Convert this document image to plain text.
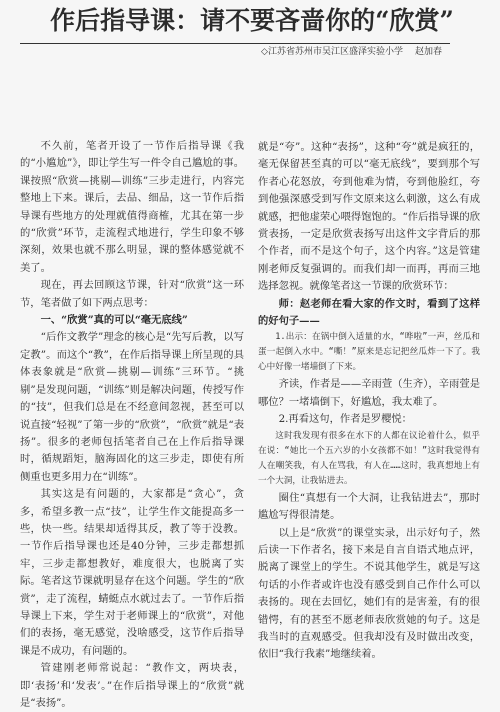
作后指导课：请不要吝啬你的“欣赏”
◇江苏省苏州市吴江区盛泽实验小学 赵加春

不久前，笔者开设了一节作后指导课《我的“小尴尬”》，即让学生写一件令自己尴尬的事。课按照“欣赏—挑剔—训练”三步走进行，内容完整地上下来。课后，去品、细品，这一节作后指导课有些地方的处理就值得商榷，尤其在第一步的“欣赏”环节，走流程式地进行，学生印象不够深刻，效果也就不那么明显，课的整体感觉就不美了。

现在，再去回顾这节课，针对“欣赏”这一环节，笔者做了如下两点思考：

一、“欣赏”真的可以“毫无底线”

“后作文教学”理念的核心是“先写后教，以写定教”。而这个“教”，在作后指导课上所呈现的具体表象就是“欣赏—挑剔—训练”三环节。“挑剔”是发现问题，“训练”则是解决问题，传授写作的“技”，但我们总是在不经意间忽视，甚至可以说直接“轻视”了第一步的“欣赏”，“欣赏”就是“表扬”。很多的老师包括笔者自己在上作后指导课时，循规蹈矩，脑海固化的这三步走，即使有所侧重也更多用力在“训练”。

其实这是有问题的，大家都是“贪心”，贪多，希望多教一点“技”，让学生作文能提高多一些，快一些。结果却适得其反，教了等于没教。一节作后指导课也还是40分钟，三步走都想抓牢，三步走都想教好，难度很大，也脱离了实际。笔者这节课就明显存在这个问题。学生的“欣赏”，走了流程，蜻蜓点水就过去了。一节作后指导课上下来，学生对于老师课上的“欣赏”，对他们的表扬，毫无感觉，没啥感受，这节作后指导课是不成功，有问题的。

管建刚老师常说起：“教作文，两块表，即‘表扬’和‘发表’。”在作后指导课上的“欣赏”就是“表扬”。

就是“夸”。这种“表扬”，这种“夸”就是疯狂的，毫无保留甚至真的可以“毫无底线”，要到那个写作者心花怒放，夸到他难为情，夸到他脸红，夸到他强深感受到写作文原来这么刺激，这么有成就感，把他虚荣心喂得饱饱的。“作后指导课的欣赏表扬，一定是欣赏表扬写出这件文字背后的那个作者，而不是这个句子，这个内容。”这是管建刚老师反复强调的。而我们却一而再，再而三地选择忽视。就像笔者这一节课的欣赏环节：

师：赵老师在看大家的作文时，看到了这样的好句子——

1.出示：在锅中倒入适量的水，“哗啦”一声，丝瓜和蛋一起倒入水中。“嘶！”原来是忘记把丝瓜炸一下了。我心中好像一堵墙倒了下来。

齐读，作者是——辛雨萱（生齐），辛雨萱是哪位？一堵墙倒下，好尴尬，我太难了。

2.再看这句，作者是罗樱悦：

这时我发现有很多在水下的人都在议论着什么，似乎在说：“她比一个五六岁的小女孩都不如！”这时我觉得有人在嘲笑我，有人在骂我，有人在……这时，我真想地上有一个大洞，让我钻进去。

圈住“真想有一个大洞，让我钻进去”，那时尴尬写得很清楚。

以上是“欣赏”的课堂实录，出示好句子，然后读一下作者名，接下来是自言自语式地点评，脱离了课堂上的学生。不说其他学生，就是写这句话的小作者或许也没有感受到自己作什么可以表扬的。现在去回忆，她们有的是害羞，有的很错愕，有的甚至不愿老师表欣赏她的句子。这是我当时的直观感受。但我却没有及时做出改变，依旧“我行我素”地继续着。
